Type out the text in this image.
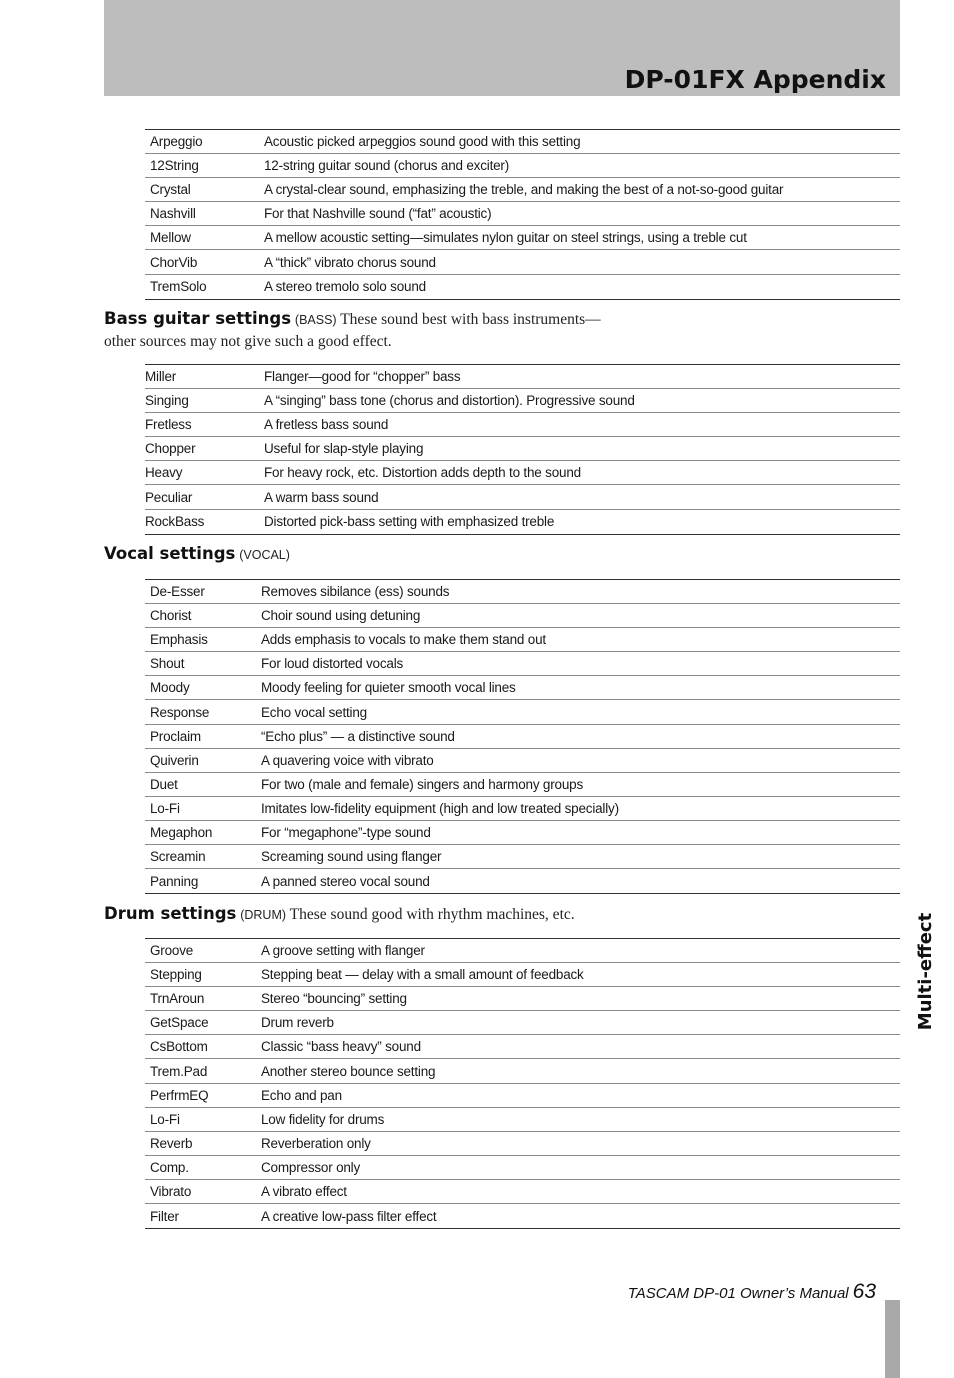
DP-01FX Appendix
Arpeggio	Acoustic picked arpeggios sound good with this setting
12String	12-string guitar sound (chorus and exciter)
Crystal	A crystal-clear sound, emphasizing the treble, and making the best of a not-so-good guitar
Nashvill	For that Nashville sound (“fat” acoustic)
Mellow	A mellow acoustic setting—simulates nylon guitar on steel strings, using a treble cut
ChorVib	A “thick” vibrato chorus sound
TremSolo	A stereo tremolo solo sound
Bass guitar settings (BASS) These sound best with bass instruments—
other sources may not give such a good effect.
Miller	Flanger—good for “chopper” bass
Singing	A “singing” bass tone (chorus and distortion). Progressive sound
Fretless	A fretless bass sound
Chopper	Useful for slap-style playing
Heavy	For heavy rock, etc. Distortion adds depth to the sound
Peculiar	A warm bass sound
RockBass	Distorted pick-bass setting with emphasized treble
Vocal settings (VOCAL)
De-Esser	Removes sibilance (ess) sounds
Chorist	Choir sound using detuning
Emphasis	Adds emphasis to vocals to make them stand out
Shout	For loud distorted vocals
Moody	Moody feeling for quieter smooth vocal lines
Response	Echo vocal setting
Proclaim	“Echo plus” — a distinctive sound
Quiverin	A quavering voice with vibrato
Duet	For two (male and female) singers and harmony groups
Lo-Fi	Imitates low-fidelity equipment (high and low treated specially)
Megaphon	For “megaphone”-type sound
Screamin	Screaming sound using flanger
Panning	A panned stereo vocal sound
Drum settings (DRUM) These sound good with rhythm machines, etc.
Groove	A groove setting with flanger
Stepping	Stepping beat — delay with a small amount of feedback
TrnAroun	Stereo “bouncing” setting
GetSpace	Drum reverb
CsBottom	Classic “bass heavy” sound
Trem.Pad	Another stereo bounce setting
PerfrmEQ	Echo and pan
Lo-Fi	Low fidelity for drums
Reverb	Reverberation only
Comp.	Compressor only
Vibrato	A vibrato effect
Filter	A creative low-pass filter effect
Multi-effect
TASCAM DP-01 Owner’s Manual 63
